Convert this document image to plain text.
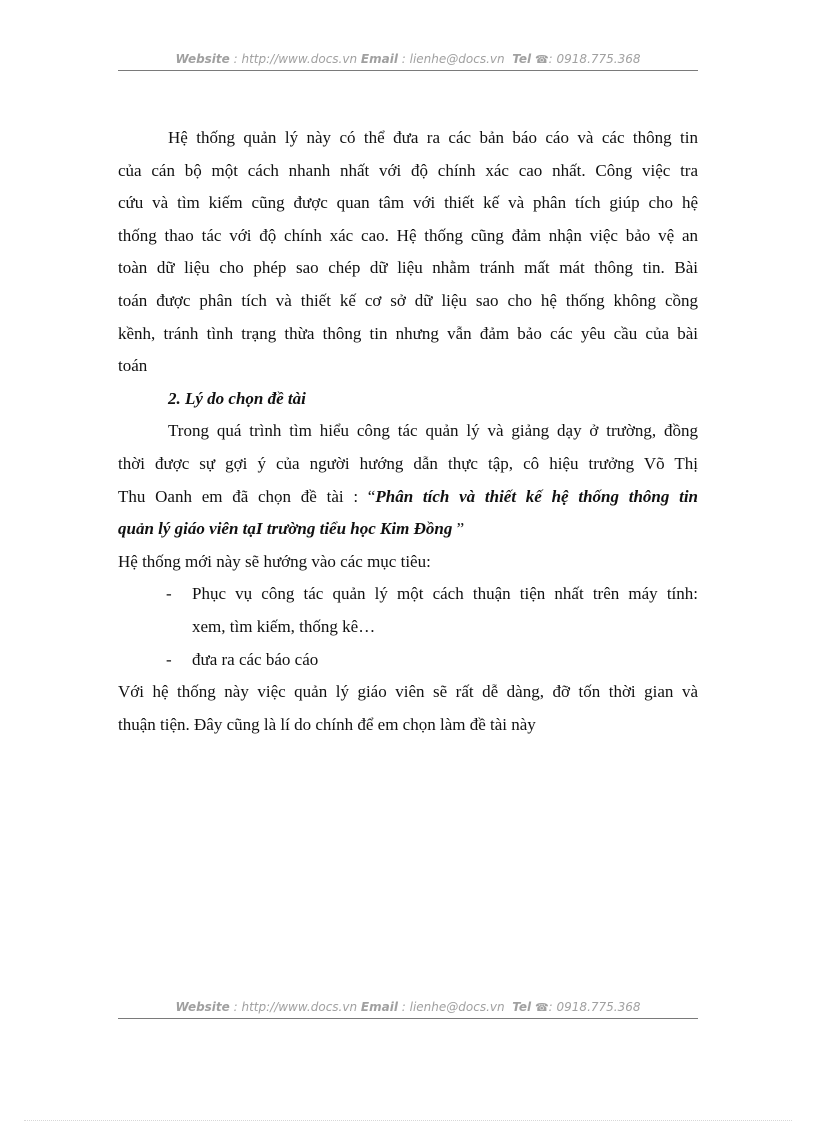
Website : http://www.docs.vn Email : lienhe@docs.vn Tel ☎: 0918.775.368

Hệ thống quản lý này có thể đưa ra các bản báo cáo và các thông tin

của cán bộ một cách nhanh nhất với độ chính xác cao nhất. Công việc tra

cứu và tìm kiếm cũng được quan tâm với thiết kế và phân tích giúp cho hệ

thống thao tác với độ chính xác cao. Hệ thống cũng đảm nhận việc bảo vệ an

toàn dữ liệu cho phép sao chép dữ liệu nhằm tránh mất mát thông tin. Bài

toán được phân tích và thiết kế cơ sở dữ liệu sao cho hệ thống không cồng

kềnh, tránh tình trạng thừa thông tin nhưng vẫn đảm bảo các yêu cầu của bài

toán

2. Lý do chọn đề tài

Trong quá trình tìm hiểu công tác quản lý và giảng dạy ở trường, đồng

thời được sự gợi ý của người hướng dẫn thực tập, cô hiệu trưởng Võ Thị

Thu Oanh em đã chọn đề tài : “Phân tích và thiết kế hệ thống thông tin

quản lý giáo viên tạI trường tiểu học Kim Đồng ”

Hệ thống mới này sẽ hướng vào các mục tiêu:

-	Phục vụ công tác quản lý một cách thuận tiện nhất trên máy tính:

xem, tìm kiếm, thống kê…

-	đưa ra các báo cáo

Với hệ thống này việc quản lý giáo viên sẽ rất dễ dàng, đỡ tốn thời gian và

thuận tiện. Đây cũng là lí do chính để em chọn làm đề tài này

Website : http://www.docs.vn Email : lienhe@docs.vn Tel ☎: 0918.775.368
